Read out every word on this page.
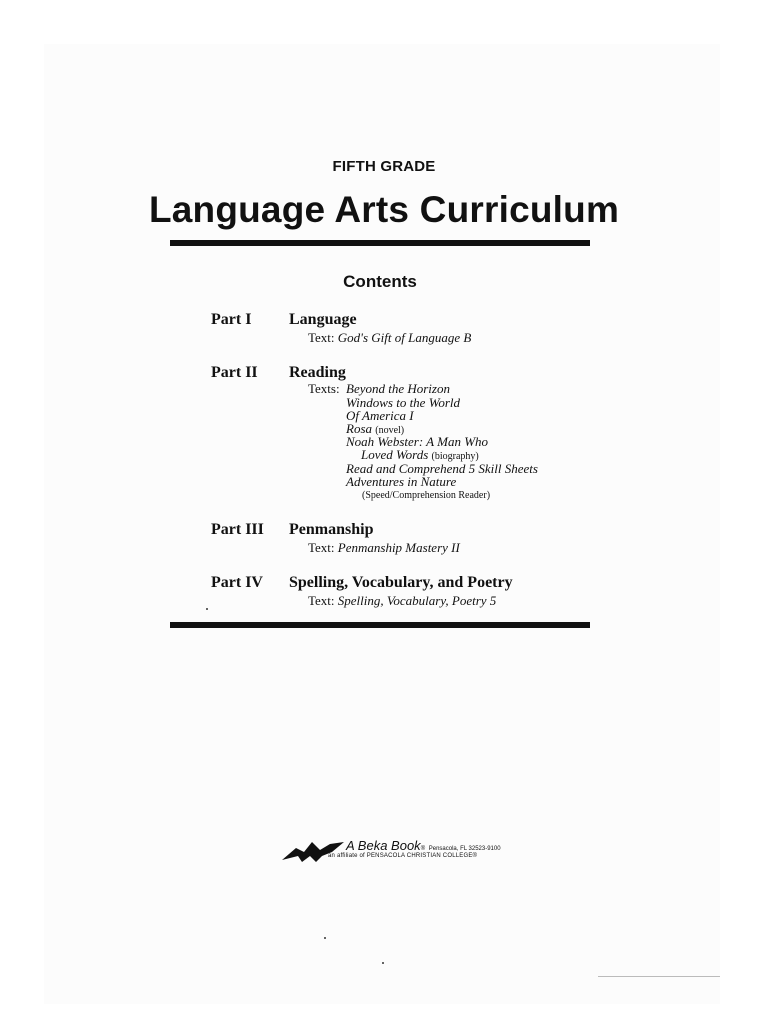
FIFTH GRADE
Language Arts Curriculum
Contents
Part I Language
Text: God's Gift of Language B
Part II Reading
Texts: Beyond the Horizon
Windows to the World
Of America I
Rosa (novel)
Noah Webster: A Man Who
Loved Words (biography)
Read and Comprehend 5 Skill Sheets
Adventures in Nature
(Speed/Comprehension Reader)
Part III Penmanship
Text: Penmanship Mastery II
Part IV Spelling, Vocabulary, and Poetry
Text: Spelling, Vocabulary, Poetry 5
A Beka Book® Pensacola, FL 32523-9100
an affiliate of PENSACOLA CHRISTIAN COLLEGE®
